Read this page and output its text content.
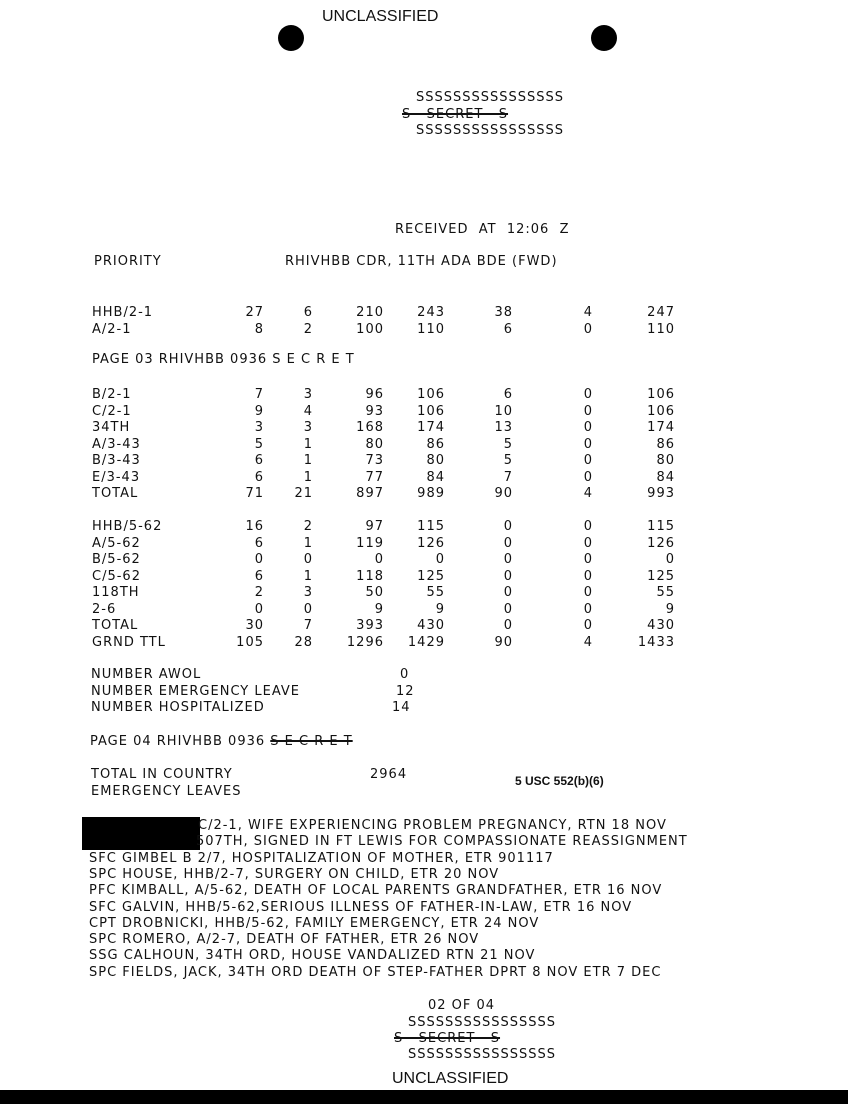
UNCLASSIFIED
SSSSSSSSSSSSSSSS
S   SECRET   S
SSSSSSSSSSSSSSSS
RECEIVED  AT  12:06  Z
PRIORITY	RHIVHBB CDR, 11TH ADA BDE (FWD)
HHB/2-1	27	6	210	243	38	4	247
A/2-1	8	2	100	110	6	0	110
PAGE 03 RHIVHBB 0936 S E C R E T
B/2-1	7	3	96	106	6	0	106
C/2-1	9	4	93	106	10	0	106
34TH	3	3	168	174	13	0	174
A/3-43	5	1	80	86	5	0	86
B/3-43	6	1	73	80	5	0	80
E/3-43	6	1	77	84	7	0	84
TOTAL	71	21	897	989	90	4	993
HHB/5-62	16	2	97	115	0	0	115
A/5-62	6	1	119	126	0	0	126
B/5-62	0	0	0	0	0	0	0
C/5-62	6	1	118	125	0	0	125
118TH	2	3	50	55	0	0	55
2-6	0	0	9	9	0	0	9
TOTAL	30	7	393	430	0	0	430
GRND TTL	105	28	1296	1429	90	4	1433
NUMBER AWOL	0
NUMBER EMERGENCY LEAVE	12
NUMBER HOSPITALIZED	14
PAGE 04 RHIVHBB 0936 S E C R E T
TOTAL IN COUNTRY	2964
EMERGENCY LEAVES
5 USC 552(b)(6)
C/2-1, WIFE EXPERIENCING PROBLEM PREGNANCY, RTN 18 NOV
507TH, SIGNED IN FT LEWIS FOR COMPASSIONATE REASSIGNMENT
SFC GIMBEL B 2/7, HOSPITALIZATION OF MOTHER, ETR 901117
SPC HOUSE, HHB/2-7, SURGERY ON CHILD, ETR 20 NOV
PFC KIMBALL, A/5-62, DEATH OF LOCAL PARENTS GRANDFATHER, ETR 16 NOV
SFC GALVIN, HHB/5-62,SERIOUS ILLNESS OF FATHER-IN-LAW, ETR 16 NOV
CPT DROBNICKI, HHB/5-62, FAMILY EMERGENCY, ETR 24 NOV
SPC ROMERO, A/2-7, DEATH OF FATHER, ETR 26 NOV
SSG CALHOUN, 34TH ORD, HOUSE VANDALIZED RTN 21 NOV
SPC FIELDS, JACK, 34TH ORD DEATH OF STEP-FATHER DPRT 8 NOV ETR 7 DEC
02 OF 04
SSSSSSSSSSSSSSSS
S   SECRET   S
SSSSSSSSSSSSSSSS
UNCLASSIFIED
